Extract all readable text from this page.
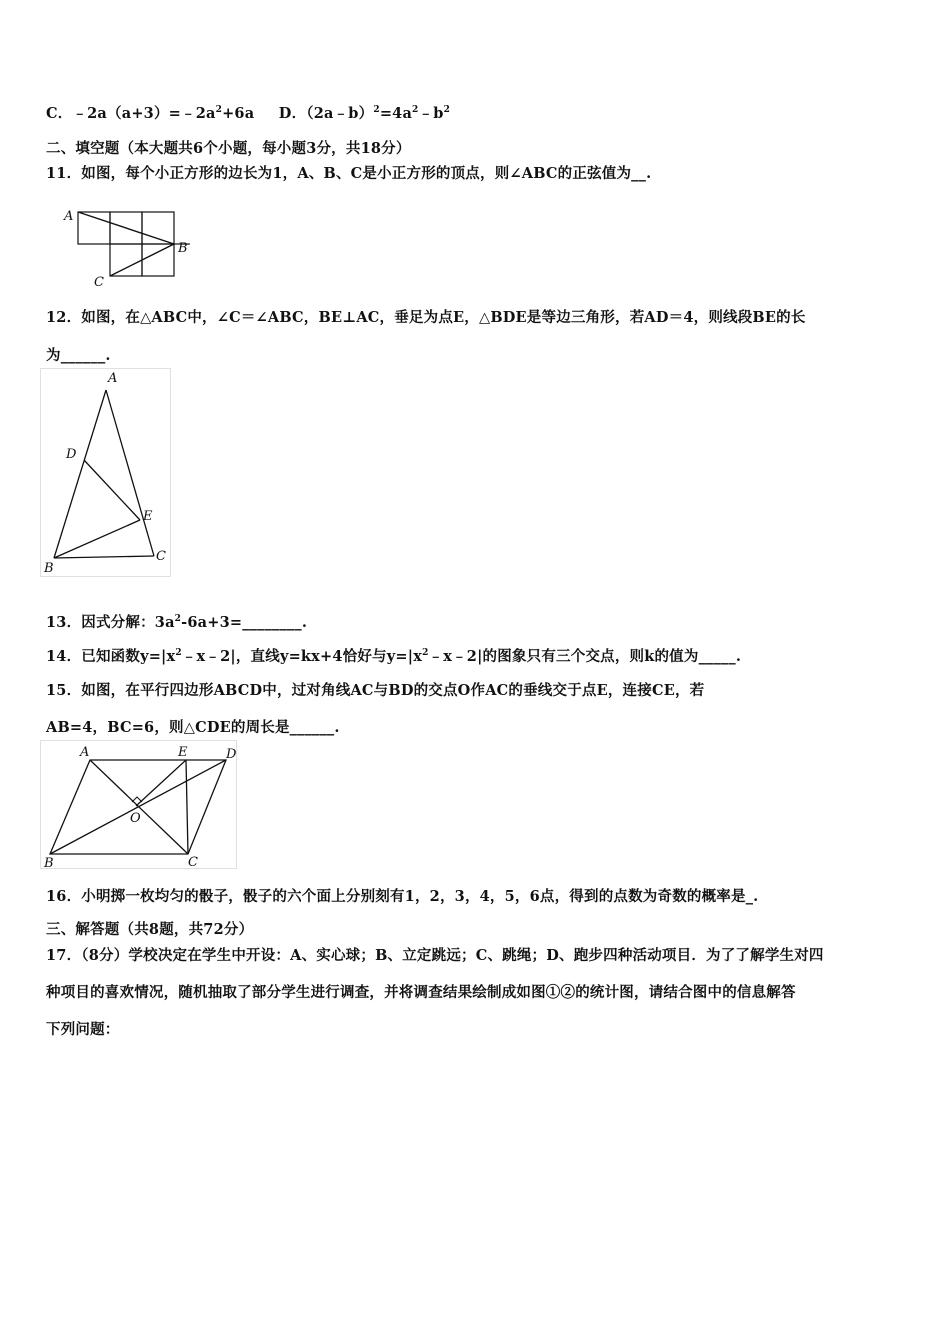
C．$﹣2a(a+3)=﹣2a^2+6a$ D．$(2a﹣b)^2=4a^2﹣b^2$
二、填空题（本大题共6个小题，每小题3分，共18分）
11．如图，每个小正方形的边长为1，A、B、C是小正方形的顶点，则∠ABC的正弦值为__.
A
B
C
12．如图，在△ABC中，∠C＝∠ABC，BE⊥AC，垂足为点E，△BDE是等边三角形，若AD＝4，则线段BE的长
为______.
A
D
E
B
C
13．因式分解：$3a^2-6a+3=\_\_\_\_\_\_\_\_$.
14．已知函数$y=|x^2﹣x﹣2|$，直线y=kx+4恰好与$y=|x^2﹣x﹣2|$的图象只有三个交点，则k的值为_____.
15．如图，在平行四边形ABCD中，过对角线AC与BD的交点O作AC的垂线交于点E，连接CE，若
AB=4，BC=6，则△CDE的周长是______.
A	E	D
O
B	C
16．小明掷一枚均匀的骰子，骰子的六个面上分别刻有1，2，3，4，5，6点，得到的点数为奇数的概率是_.
三、解答题（共8题，共72分）
17．（8分）学校决定在学生中开设：A、实心球；B、立定跳远；C、跳绳；D、跑步四种活动项目．为了了解学生对四
种项目的喜欢情况，随机抽取了部分学生进行调查，并将调查结果绘制成如图①②的统计图，请结合图中的信息解答
下列问题：
